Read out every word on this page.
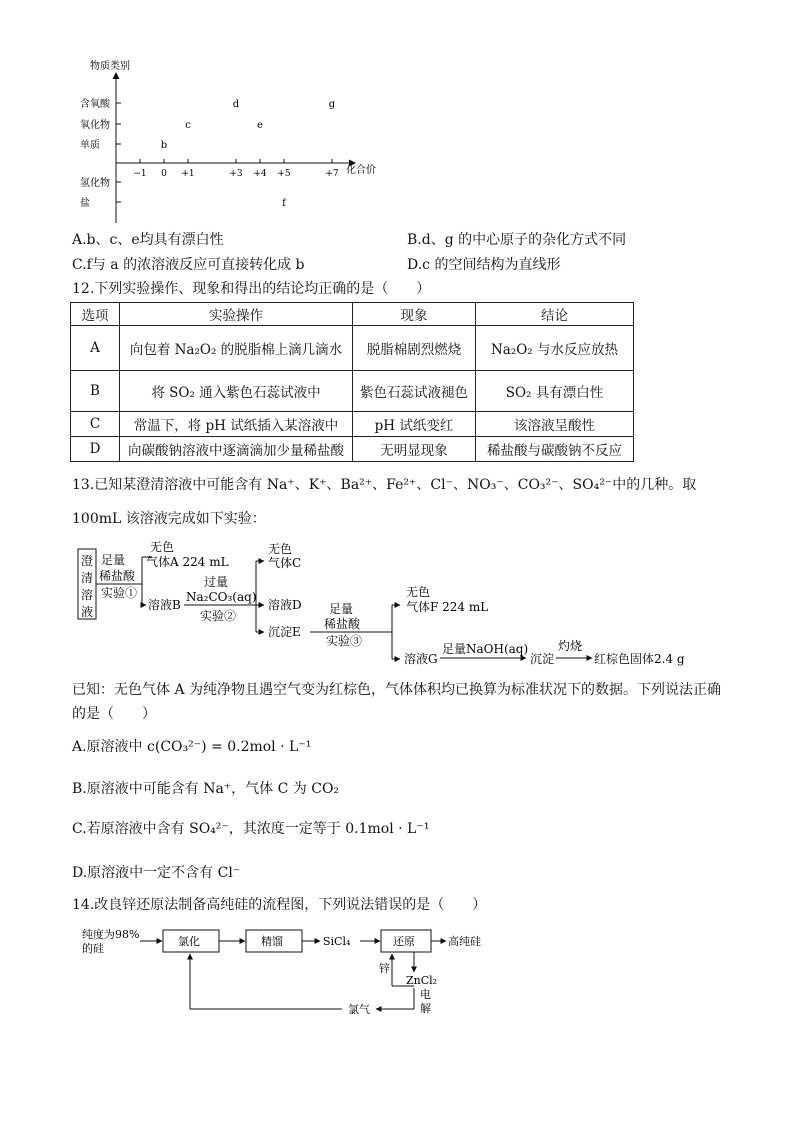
物质类别
化合价
含氧酸
氧化物
单质
氢化物
盐
−1 0 +1	+3 +4 +5	+7
b
c
d
e
g
f
A.b、c、e均具有漂白性	B.d、g 的中心原子的杂化方式不同
C.f与 a 的浓溶液反应可直接转化成 b	D.c 的空间结构为直线形
12.下列实验操作、现象和得出的结论均正确的是（　　）
选项	实验操作	现象	结论
A	向包着 Na₂O₂ 的脱脂棉上滴几滴水	脱脂棉剧烈燃烧	Na₂O₂ 与水反应放热
B	将 SO₂ 通入紫色石蕊试液中	紫色石蕊试液褪色	SO₂ 具有漂白性
C	常温下，将 pH 试纸插入某溶液中	pH 试纸变红	该溶液呈酸性
D	向碳酸钠溶液中逐滴滴加少量稀盐酸	无明显现象	稀盐酸与碳酸钠不反应
13.已知某澄清溶液中可能含有 Na⁺、K⁺、Ba²⁺、Fe²⁺、Cl⁻、NO₃⁻、CO₃²⁻、SO₄²⁻中的几种。取
100mL 该溶液完成如下实验：
澄
清
溶
液
足量
稀盐酸
实验①
无色
气体A 224 mL
溶液B
过量
Na₂CO₃(aq)
实验②
无色
气体C
溶液D
沉淀E
足量
稀盐酸
实验③
无色
气体F 224 mL
溶液G
足量NaOH(aq)
沉淀
灼烧
红棕色固体2.4 g
已知：无色气体 A 为纯净物且遇空气变为红棕色，气体体积均已换算为标准状况下的数据。下列说法正确
的是（　　）
A.原溶液中 c(CO₃²⁻) = 0.2mol · L⁻¹
B.原溶液中可能含有 Na⁺，气体 C 为 CO₂
C.若原溶液中含有 SO₄²⁻，其浓度一定等于 0.1mol · L⁻¹
D.原溶液中一定不含有 Cl⁻
14.改良锌还原法制备高纯硅的流程图，下列说法错误的是（　　）
纯度为98%
的硅
氯化	精馏	SiCl₄	还原	高纯硅
锌
ZnCl₂
电
解
氯气
